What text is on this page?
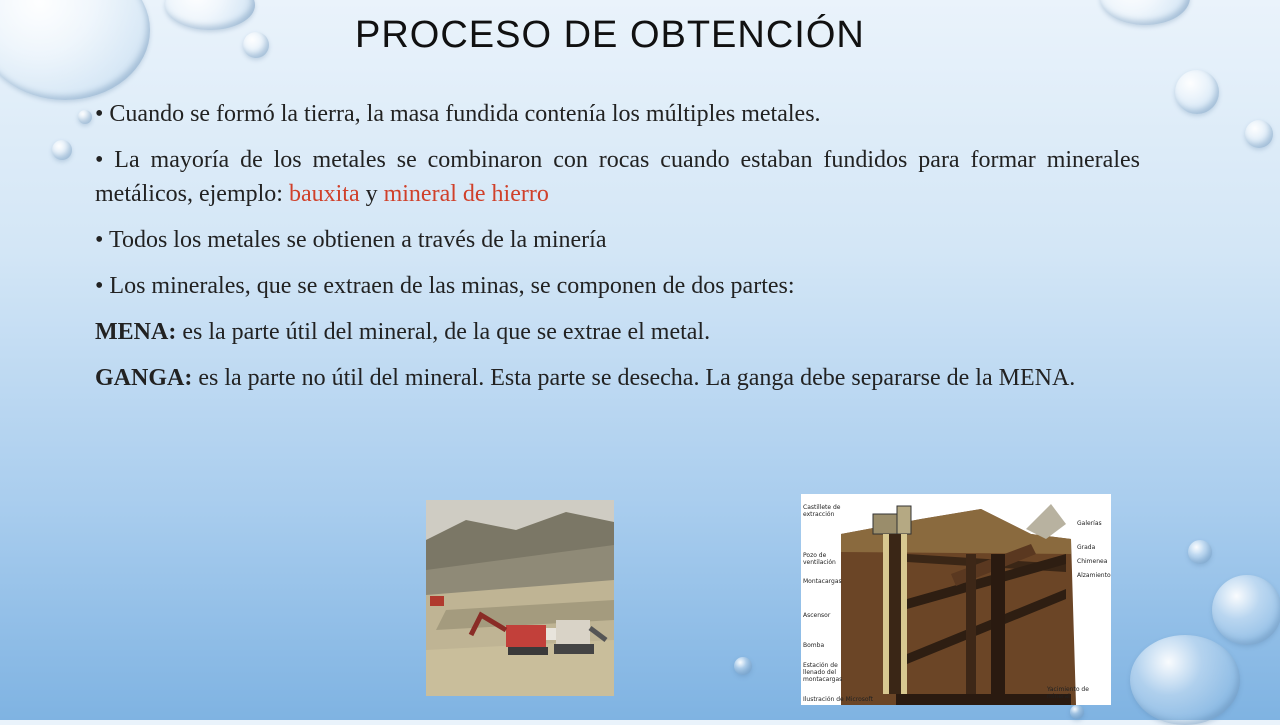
PROCESO DE OBTENCIÓN

• Cuando se formó la tierra, la masa fundida contenía los múltiples metales.

• La mayoría de los metales se combinaron con rocas cuando estaban fundidos para formar minerales metálicos, ejemplo: bauxita y mineral de hierro

• Todos los metales se obtienen a través de la minería

• Los minerales, que se extraen de las minas, se componen de dos partes:

MENA: es la parte útil del mineral, de la que se extrae el metal.

GANGA: es la parte no útil del mineral. Esta parte se desecha. La ganga debe separarse de la MENA.

Castillete de extracción
Pozo de ventilación
Montacargas
Ascensor
Bomba
Estación de llenado del montacargas
Galerías
Grada
Chimenea
Alzamiento
Yacimiento de mineral
Ilustración de Microsoft
